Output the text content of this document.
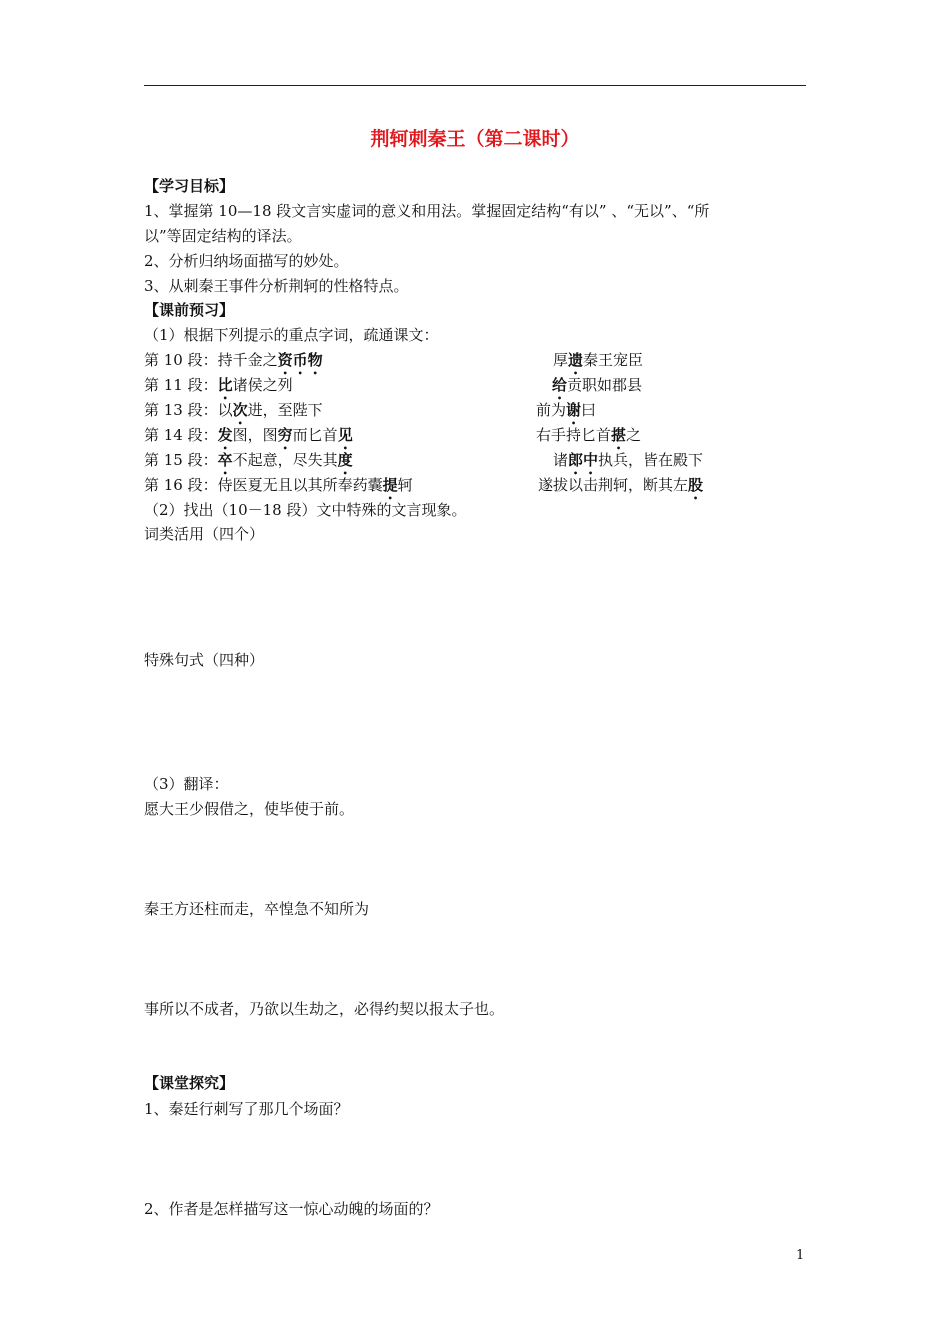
荆轲刺秦王（第二课时）
【学习目标】
1、掌握第 10—18 段文言实虚词的意义和用法。掌握固定结构“有以” 、“无以”、“所
以”等固定结构的译法。
2、分析归纳场面描写的妙处。
3、从刺秦王事件分析荆轲的性格特点。
【课前预习】
（1）根据下列提示的重点字词，疏通课文：
第 10 段：持千金之资币物	厚遗秦王宠臣
第 11 段：比诸侯之列	给贡职如郡县
第 13 段：以次进，至陛下	前为谢曰
第 14 段：发图，图穷而匕首见	右手持匕首揕之
第 15 段：卒不起意，尽失其度	诸郎中执兵，皆在殿下
第 16 段：侍医夏无且以其所奉药囊提轲	遂拔以击荆轲，断其左股
（2）找出（10－18 段）文中特殊的文言现象。
词类活用（四个）
特殊句式（四种）
（3）翻译：
愿大王少假借之，使毕使于前。
秦王方还柱而走，卒惶急不知所为
事所以不成者，乃欲以生劫之，必得约契以报太子也。
【课堂探究】
1、秦廷行刺写了那几个场面？
2、作者是怎样描写这一惊心动魄的场面的？
1
